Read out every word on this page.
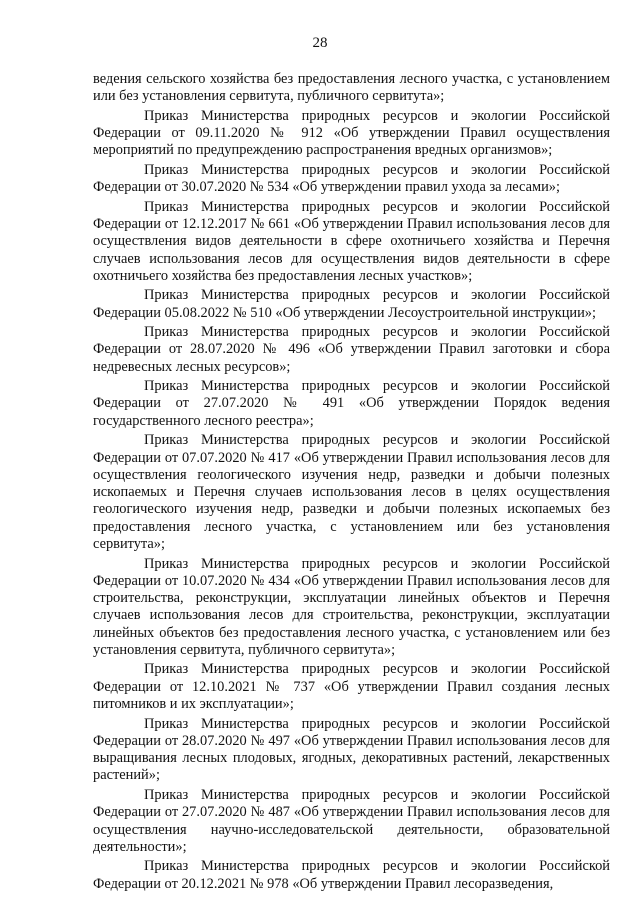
28

ведения сельского хозяйства без предоставления лесного участка, с установлением или без установления сервитута, публичного сервитута»;

Приказ Министерства природных ресурсов и экологии Российской Федерации от 09.11.2020 № 912 «Об утверждении Правил осуществления мероприятий по предупреждению распространения вредных организмов»;

Приказ Министерства природных ресурсов и экологии Российской Федерации от 30.07.2020 № 534 «Об утверждении правил ухода за лесами»;

Приказ Министерства природных ресурсов и экологии Российской Федерации от 12.12.2017 № 661 «Об утверждении Правил использования лесов для осуществления видов деятельности в сфере охотничьего хозяйства и Перечня случаев использования лесов для осуществления видов деятельности в сфере охотничьего хозяйства без предоставления лесных участков»;

Приказ Министерства природных ресурсов и экологии Российской Федерации 05.08.2022 № 510 «Об утверждении Лесоустроительной инструкции»;

Приказ Министерства природных ресурсов и экологии Российской Федерации от 28.07.2020 № 496 «Об утверждении Правил заготовки и сбора недревесных лесных ресурсов»;

Приказ Министерства природных ресурсов и экологии Российской Федерации от 27.07.2020 № 491 «Об утверждении Порядок ведения государственного лесного реестра»;

Приказ Министерства природных ресурсов и экологии Российской Федерации от 07.07.2020 № 417 «Об утверждении Правил использования лесов для осуществления геологического изучения недр, разведки и добычи полезных ископаемых и Перечня случаев использования лесов в целях осуществления геологического изучения недр, разведки и добычи полезных ископаемых без предоставления лесного участка, с установлением или без установления сервитута»;

Приказ Министерства природных ресурсов и экологии Российской Федерации от 10.07.2020 № 434 «Об утверждении Правил использования лесов для строительства, реконструкции, эксплуатации линейных объектов и Перечня случаев использования лесов для строительства, реконструкции, эксплуатации линейных объектов без предоставления лесного участка, с установлением или без установления сервитута, публичного сервитута»;

Приказ Министерства природных ресурсов и экологии Российской Федерации от 12.10.2021 № 737 «Об утверждении Правил создания лесных питомников и их эксплуатации»;

Приказ Министерства природных ресурсов и экологии Российской Федерации от 28.07.2020 № 497 «Об утверждении Правил использования лесов для выращивания лесных плодовых, ягодных, декоративных растений, лекарственных растений»;

Приказ Министерства природных ресурсов и экологии Российской Федерации от 27.07.2020 № 487 «Об утверждении Правил использования лесов для осуществления научно-исследовательской деятельности, образовательной деятельности»;

Приказ Министерства природных ресурсов и экологии Российской Федерации от 20.12.2021 № 978 «Об утверждении Правил лесоразведения,
